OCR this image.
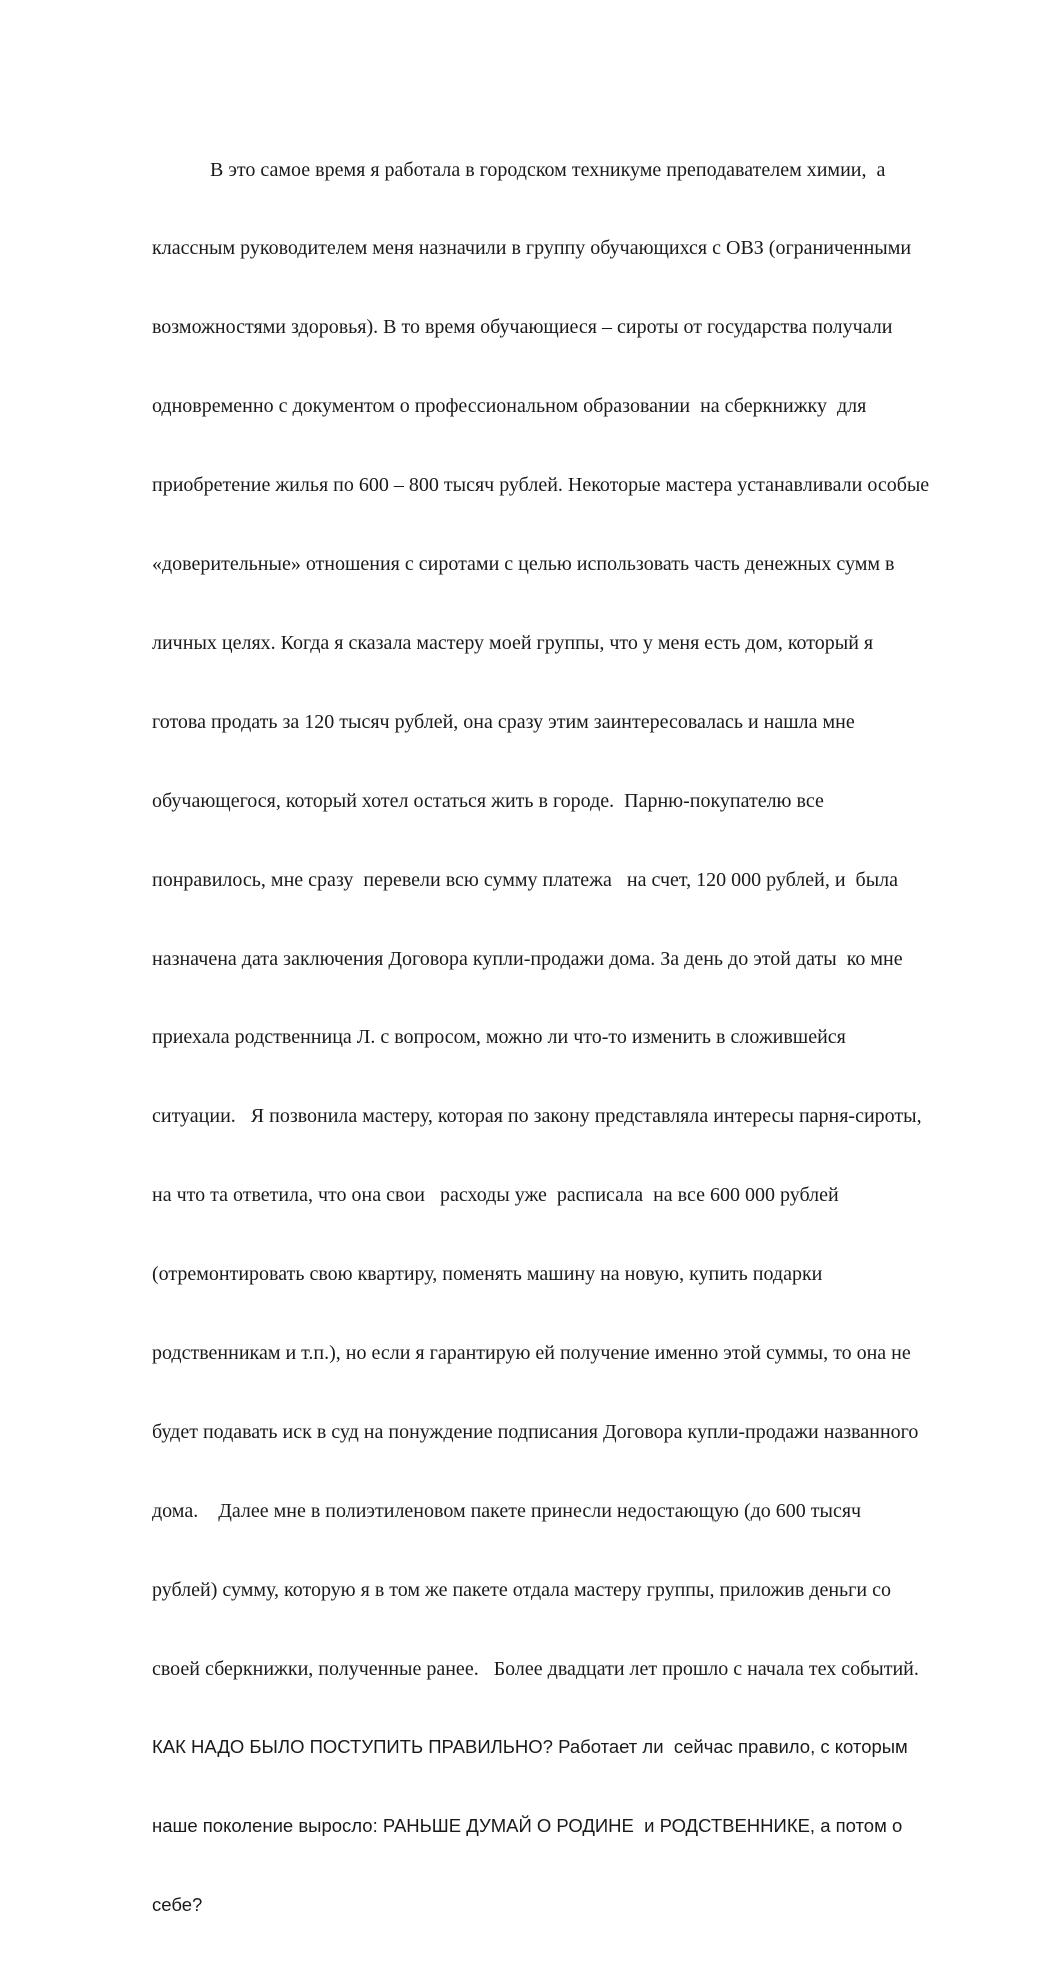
В это самое время я работала в городском техникуме преподавателем химии,  а

классным руководителем меня назначили в группу обучающихся с ОВЗ (ограниченными

возможностями здоровья). В то время обучающиеся – сироты от государства получали

одновременно с документом о профессиональном образовании  на сберкнижку  для

приобретение жилья по 600 – 800 тысяч рублей. Некоторые мастера устанавливали особые

«доверительные» отношения с сиротами с целью использовать часть денежных сумм в

личных целях. Когда я сказала мастеру моей группы, что у меня есть дом, который я

готова продать за 120 тысяч рублей, она сразу этим заинтересовалась и нашла мне

обучающегося, который хотел остаться жить в городе.  Парню-покупателю все

понравилось, мне сразу  перевели всю сумму платежа   на счет, 120 000 рублей, и  была

назначена дата заключения Договора купли-продажи дома. За день до этой даты  ко мне

приехала родственница Л. с вопросом, можно ли что-то изменить в сложившейся

ситуации.   Я позвонила мастеру, которая по закону представляла интересы парня-сироты,

на что та ответила, что она свои   расходы уже  расписала  на все 600 000 рублей

(отремонтировать свою квартиру, поменять машину на новую, купить подарки

родственникам и т.п.), но если я гарантирую ей получение именно этой суммы, то она не

будет подавать иск в суд на понуждение подписания Договора купли-продажи названного

дома.    Далее мне в полиэтиленовом пакете принесли недостающую (до 600 тысяч

рублей) сумму, которую я в том же пакете отдала мастеру группы, приложив деньги со

своей сберкнижки, полученные ранее.   Более двадцати лет прошло с начала тех событий.

КАК НАДО БЫЛО ПОСТУПИТЬ ПРАВИЛЬНО? Работает ли  сейчас правило, с которым

наше поколение выросло: РАНЬШЕ ДУМАЙ О РОДИНЕ  и РОДСТВЕННИКЕ, а потом о

себе?
